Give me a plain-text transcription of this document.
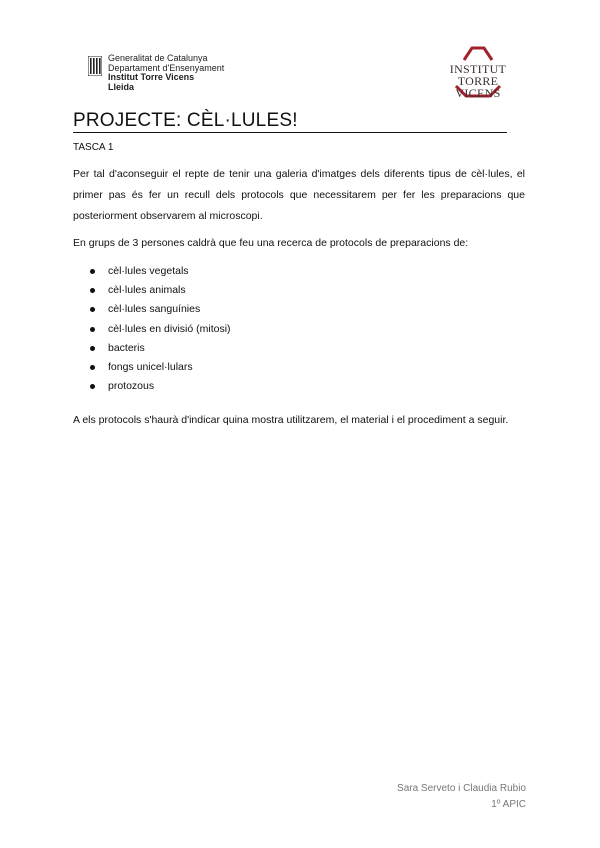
Generalitat de Catalunya
Departament d'Ensenyament
Institut Torre Vicens
Lleida
INSTITUT
TORRE VICENS
PROJECTE: CÈL·LULES!
TASCA 1

Per tal d'aconseguir el repte de tenir una galeria d'imatges dels diferents tipus de cèl·lules, el primer pas és fer un recull dels protocols que necessitarem per fer les preparacions que posteriorment observarem al microscopi.

En grups de 3 persones caldrà que feu una recerca de protocols de preparacions de:

cèl·lules vegetals
cèl·lules animals
cèl·lules sanguínies
cèl·lules en divisió (mitosi)
bacteris
fongs unicel·lulars
protozous

A els protocols s'haurà d'indicar quina mostra utilitzarem, el material i el procediment a seguir.

Sara Serveto i Claudia Rubio
1º APIC
